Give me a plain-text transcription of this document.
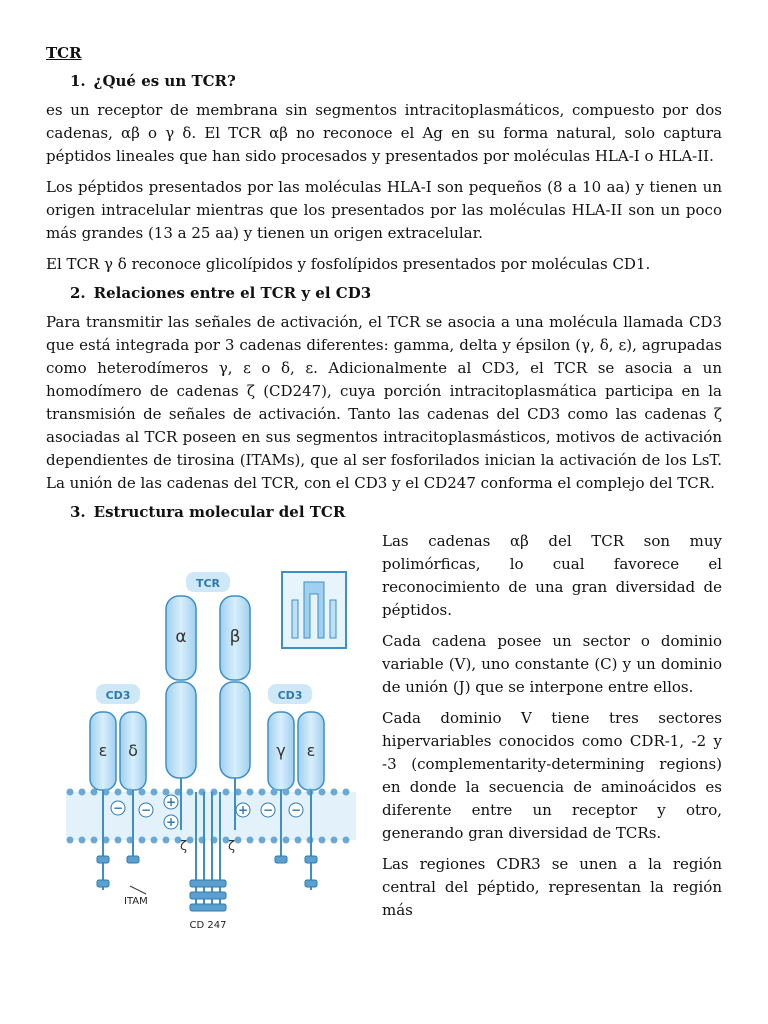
TCR
1. ¿Qué es un TCR?

es un receptor de membrana sin segmentos intracitoplasmáticos, compuesto por dos cadenas, αβ o γ δ. El TCR αβ no reconoce el Ag en su forma natural, solo captura péptidos lineales que han sido procesados y presentados por moléculas HLA-I o HLA-II.

Los péptidos presentados por las moléculas HLA-I son pequeños (8 a 10 aa) y tienen un origen intracelular mientras que los presentados por las moléculas HLA-II son un poco más grandes (13 a 25 aa) y tienen un origen extracelular.

El TCR γ δ reconoce glicolípidos y fosfolípidos presentados por moléculas CD1.

2. Relaciones entre el TCR y el CD3

Para transmitir las señales de activación, el TCR se asocia a una molécula llamada CD3 que está integrada por 3 cadenas diferentes: gamma, delta y épsilon (γ, δ, ε), agrupadas como heterodímeros γ, ε o δ, ε. Adicionalmente al CD3, el TCR se asocia a un homodímero de cadenas ζ (CD247), cuya porción intracitoplasmática participa en la transmisión de señales de activación. Tanto las cadenas del CD3 como las cadenas ζ asociadas al TCR poseen en sus segmentos intracitoplasmásticos, motivos de activación dependientes de tirosina (ITAMs), que al ser fosforilados inician la activación de los LsT. La unión de las cadenas del TCR, con el CD3 y el CD247 conforma el complejo del TCR.

3. Estructura molecular del TCR
TCR
α	β
CD3	CD3
ε δ	γ ε
− −
+
+
+ − −
ζ	ζ
ITAM
CD 247

Las cadenas αβ del TCR son muy polimórficas, lo cual favorece el reconocimiento de una gran diversidad de péptidos.

Cada cadena posee un sector o dominio variable (V), uno constante (C) y un dominio de unión (J) que se interpone entre ellos.

Cada dominio V tiene tres sectores hipervariables conocidos como CDR-1, -2 y -3 (complementarity-determining regions) en donde la secuencia de aminoácidos es diferente entre un receptor y otro, generando gran diversidad de TCRs.

Las regiones CDR3 se unen a la región central del péptido, representan la región más
